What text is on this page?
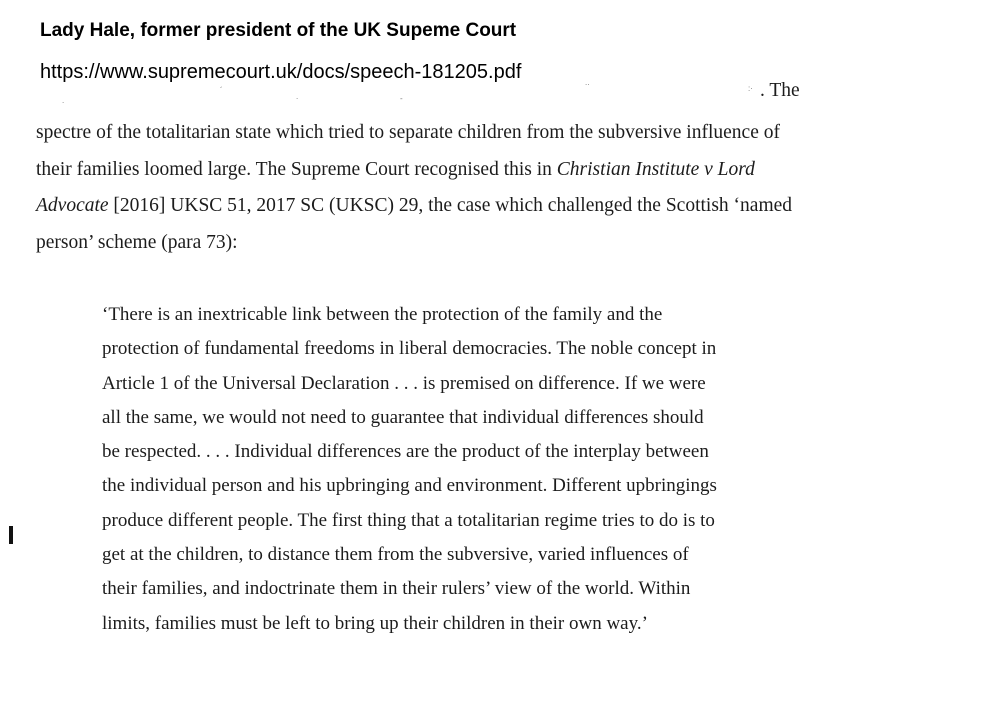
Lady Hale, former president of the UK Supeme Court
https://www.supremecourt.uk/docs/speech-181205.pdf
.
´
.	-
..
:· . The
spectre of the totalitarian state which tried to separate children from the subversive influence of
their families loomed large. The Supreme Court recognised this in Christian Institute v Lord
Advocate [2016] UKSC 51, 2017 SC (UKSC) 29, the case which challenged the Scottish ‘named
person’ scheme (para 73):
‘There is an inextricable link between the protection of the family and the
protection of fundamental freedoms in liberal democracies. The noble concept in
Article 1 of the Universal Declaration . . . is premised on difference. If we were
all the same, we would not need to guarantee that individual differences should
be respected. . . . Individual differences are the product of the interplay between
the individual person and his upbringing and environment. Different upbringings
produce different people. The first thing that a totalitarian regime tries to do is to
get at the children, to distance them from the subversive, varied influences of
their families, and indoctrinate them in their rulers’ view of the world. Within
limits, families must be left to bring up their children in their own way.’
